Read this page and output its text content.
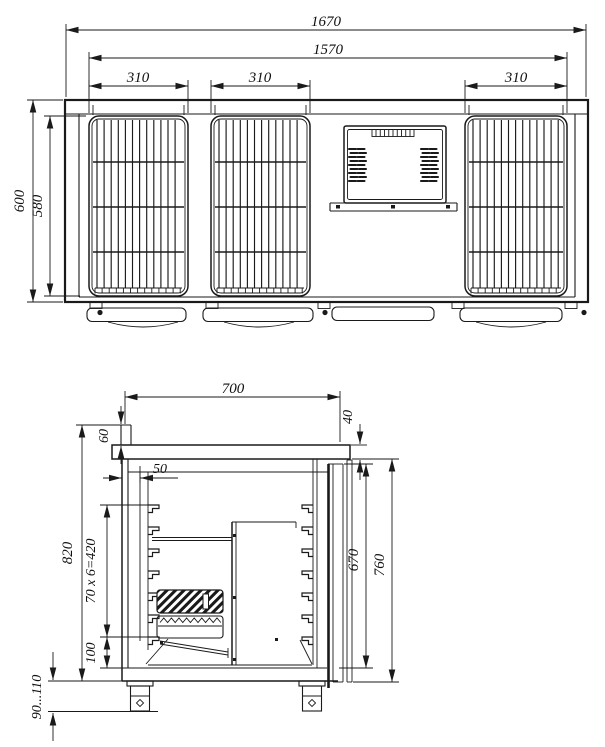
1670
1570
310	310	310
600 580
700
60
50
820 70 x 6=420
100
40
670 760
90...110
